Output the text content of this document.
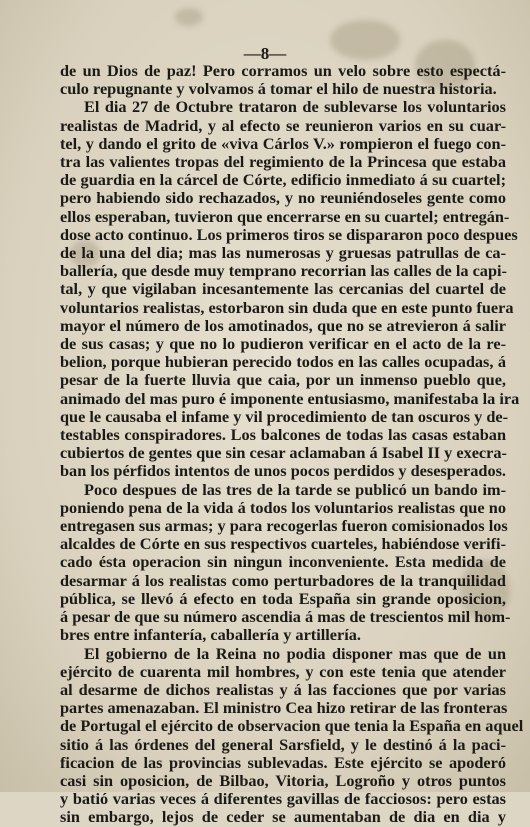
—8—
de un Dios de paz! Pero corramos un velo sobre esto espectá-
culo repugnante y volvamos á tomar el hilo de nuestra historia.
El dia 27 de Octubre trataron de sublevarse los voluntarios
realistas de Madrid, y al efecto se reunieron varios en su cuar-
tel, y dando el grito de «viva Cárlos V.» rompieron el fuego con-
tra las valientes tropas del regimiento de la Princesa que estaba
de guardia en la cárcel de Córte, edificio inmediato á su cuartel;
pero habiendo sido rechazados, y no reuniéndoseles gente como
ellos esperaban, tuvieron que encerrarse en su cuartel; entregán-
dose acto continuo. Los primeros tiros se dispararon poco despues
de la una del dia; mas las numerosas y gruesas patrullas de ca-
ballería, que desde muy temprano recorrian las calles de la capi-
tal, y que vigilaban incesantemente las cercanias del cuartel de
voluntarios realistas, estorbaron sin duda que en este punto fuera
mayor el número de los amotinados, que no se atrevieron á salir
de sus casas; y que no lo pudieron verificar en el acto de la re-
belion, porque hubieran perecido todos en las calles ocupadas, á
pesar de la fuerte lluvia que caia, por un inmenso pueblo que,
animado del mas puro é imponente entusiasmo, manifestaba la ira
que le causaba el infame y vil procedimiento de tan oscuros y de-
testables conspiradores. Los balcones de todas las casas estaban
cubiertos de gentes que sin cesar aclamaban á Isabel II y execra-
ban los pérfidos intentos de unos pocos perdidos y desesperados.
Poco despues de las tres de la tarde se publicó un bando im-
poniendo pena de la vida á todos los voluntarios realistas que no
entregasen sus armas; y para recogerlas fueron comisionados los
alcaldes de Córte en sus respectivos cuarteles, habiéndose verifi-
cado ésta operacion sin ningun inconveniente. Esta medida de
desarmar á los realistas como perturbadores de la tranquilidad
pública, se llevó á efecto en toda España sin grande oposicion,
á pesar de que su número ascendia á mas de trescientos mil hom-
bres entre infantería, caballería y artillería.
El gobierno de la Reina no podia disponer mas que de un
ejército de cuarenta mil hombres, y con este tenia que atender
al desarme de dichos realistas y á las facciones que por varias
partes amenazaban. El ministro Cea hizo retirar de las fronteras
de Portugal el ejército de observacion que tenia la España en aquel
sitio á las órdenes del general Sarsfield, y le destinó á la paci-
ficacion de las provincias sublevadas. Este ejército se apoderó
casi sin oposicion, de Bilbao, Vitoria, Logroño y otros puntos
y batió varias veces á diferentes gavillas de facciosos: pero estas
sin embargo, lejos de ceder se aumentaban de dia en dia y
